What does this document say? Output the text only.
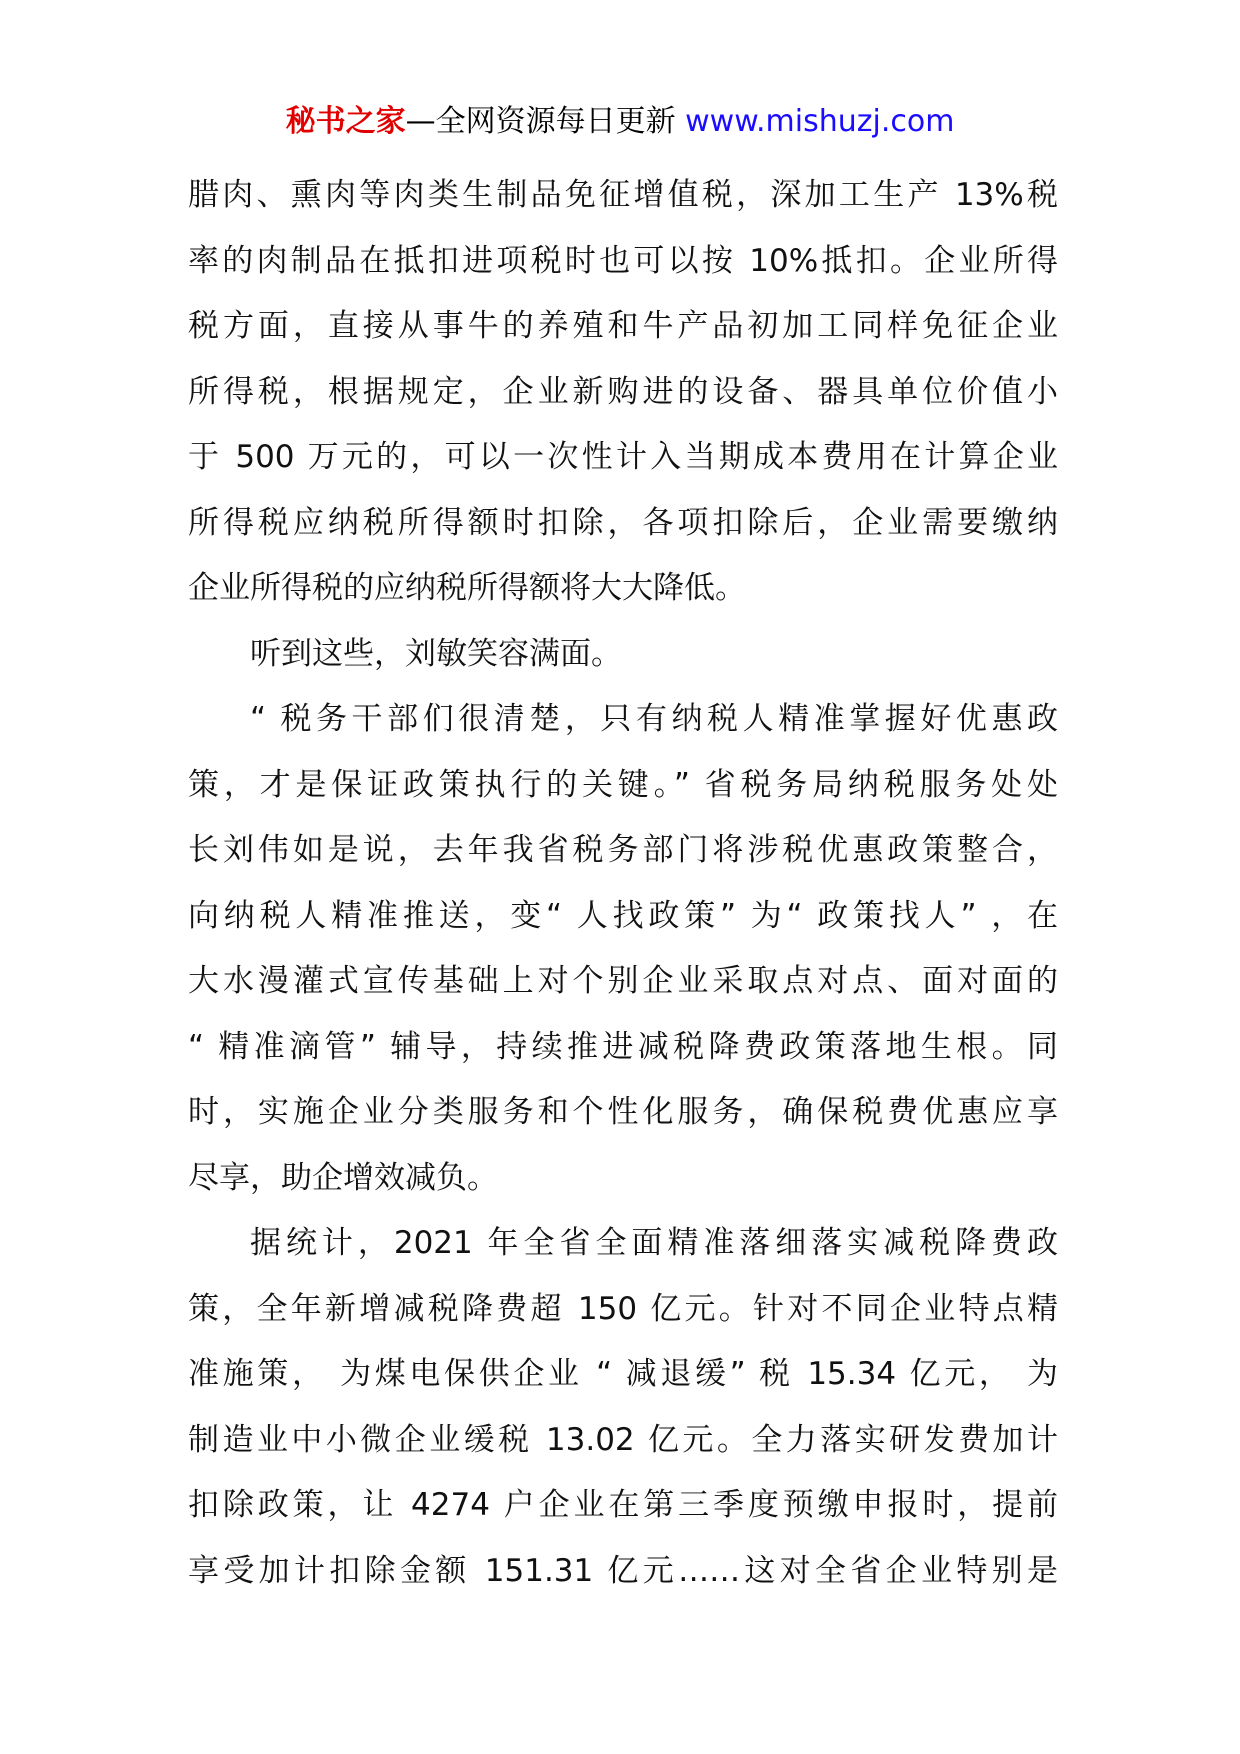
秘书之家—全网资源每日更新 www.mishuzj.com
腊肉、熏肉等肉类生制品免征增值税，深加工生产 13%税
率的肉制品在抵扣进项税时也可以按 10%抵扣。企业所得
税方面，直接从事牛的养殖和牛产品初加工同样免征企业
所得税，根据规定，企业新购进的设备、器具单位价值小
于 500 万元的，可以一次性计入当期成本费用在计算企业
所得税应纳税所得额时扣除，各项扣除后，企业需要缴纳
企业所得税的应纳税所得额将大大降低。
听到这些，刘敏笑容满面。
“ 税务干部们很清楚，只有纳税人精准掌握好优惠政
策，才是保证政策执行的关键。” 省税务局纳税服务处处
长刘伟如是说，去年我省税务部门将涉税优惠政策整合，
向纳税人精准推送，变“ 人找政策” 为“ 政策找人” ，在
大水漫灌式宣传基础上对个别企业采取点对点、面对面的
“ 精准滴管” 辅导，持续推进减税降费政策落地生根。同
时，实施企业分类服务和个性化服务，确保税费优惠应享
尽享，助企增效减负。
据统计，2021 年全省全面精准落细落实减税降费政
策，全年新增减税降费超 150 亿元。针对不同企业特点精
准施策， 为煤电保供企业 “ 减退缓” 税 15.34 亿元， 为
制造业中小微企业缓税 13.02 亿元。全力落实研发费加计
扣除政策，让 4274 户企业在第三季度预缴申报时，提前
享受加计扣除金额 151.31 亿元……这对全省企业特别是
